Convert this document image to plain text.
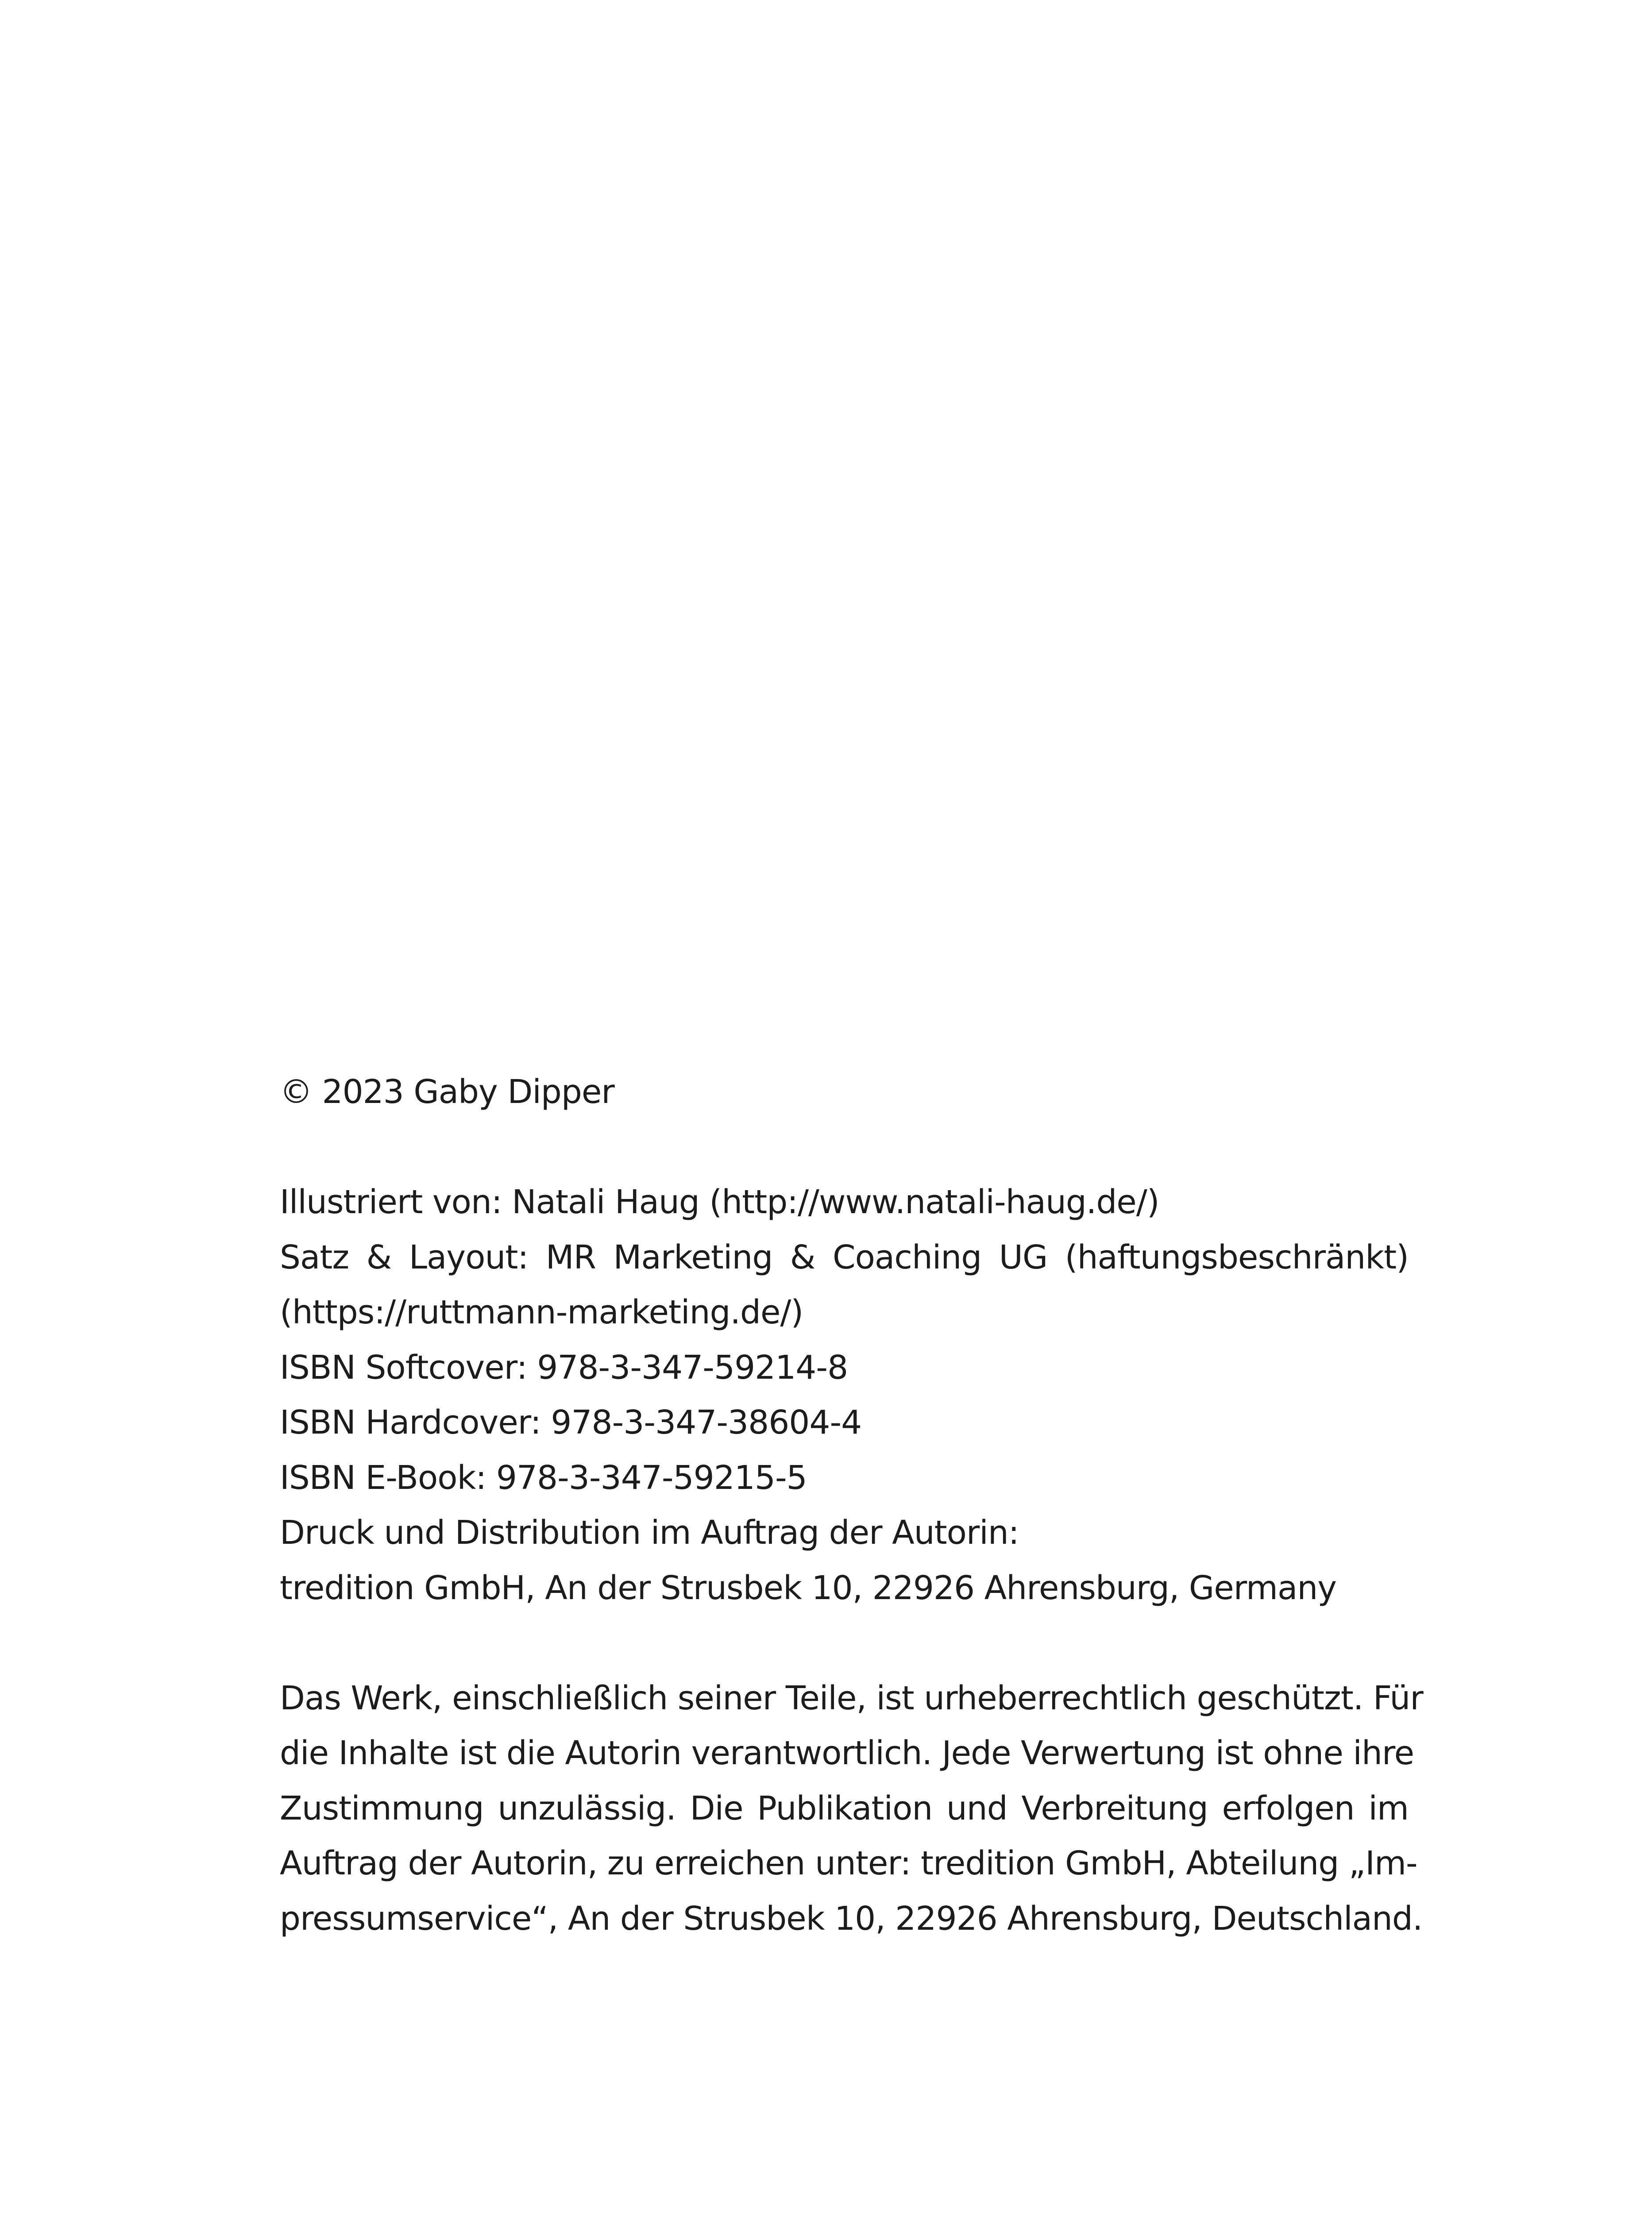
© 2023 Gaby Dipper
Illustriert von: Natali Haug (http://www.natali-haug.de/)
Satz & Layout: MR Marketing & Coaching UG (haftungsbeschränkt)
(https://ruttmann-marketing.de/)
ISBN Softcover: 978-3-347-59214-8
ISBN Hardcover: 978-3-347-38604-4
ISBN E-Book: 978-3-347-59215-5
Druck und Distribution im Auftrag der Autorin:
tredition GmbH, An der Strusbek 10, 22926 Ahrensburg, Germany
Das Werk, einschließlich seiner Teile, ist urheberrechtlich geschützt. Für
die Inhalte ist die Autorin verantwortlich. Jede Verwertung ist ohne ihre
Zustimmung unzulässig. Die Publikation und Verbreitung erfolgen im
Auftrag der Autorin, zu erreichen unter: tredition GmbH, Abteilung „Im-
pressumservice“, An der Strusbek 10, 22926 Ahrensburg, Deutschland.
